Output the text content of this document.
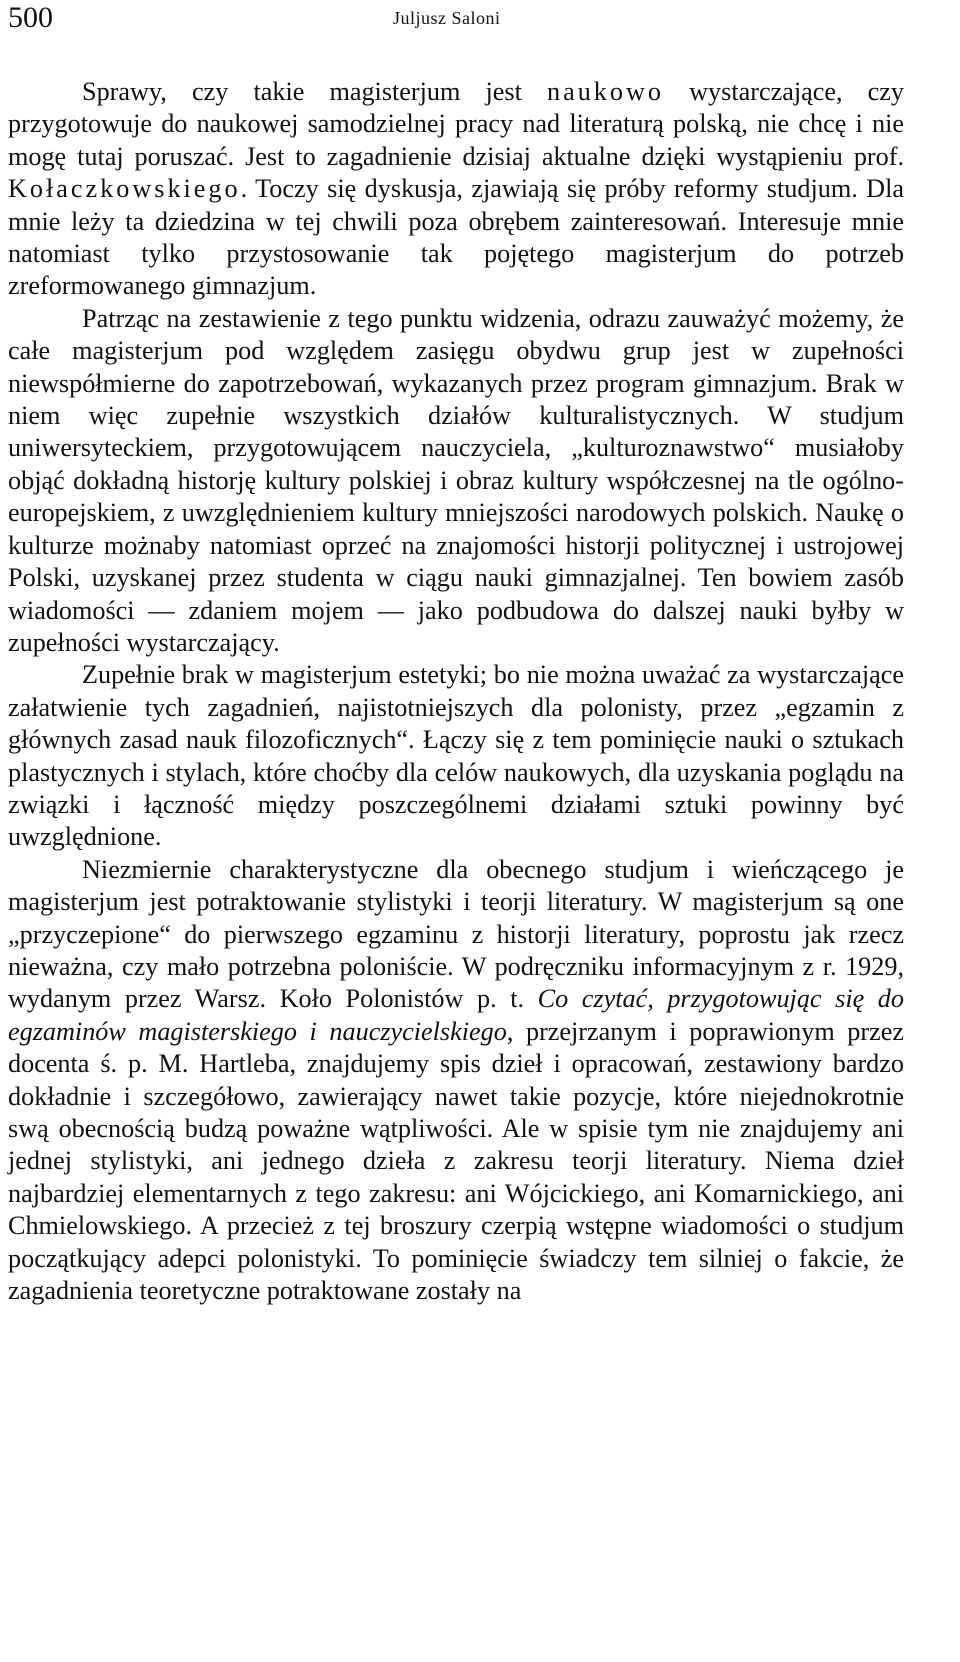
500	Juljusz Saloni

Sprawy, czy takie magisterjum jest naukowo wystarczające, czy przygotowuje do naukowej samodzielnej pracy nad literaturą polską, nie chcę i nie mogę tutaj poruszać. Jest to zagadnienie dzisiaj aktualne dzięki wystąpieniu prof. Kołaczkowskiego. Toczy się dyskusja, zjawiają się próby reformy studjum. Dla mnie leży ta dziedzina w tej chwili poza obrębem zainteresowań. Interesuje mnie natomiast tylko przystosowanie tak pojętego magisterjum do potrzeb zreformowanego gimnazjum.

Patrząc na zestawienie z tego punktu widzenia, odrazu zauważyć możemy, że całe magisterjum pod względem zasięgu obydwu grup jest w zupełności niewspółmierne do zapotrzebowań, wykazanych przez program gimnazjum. Brak w niem więc zupełnie wszystkich działów kulturalistycznych. W studjum uniwersyteckiem, przygotowującem nauczyciela, „kulturoznawstwo“ musiałoby objąć dokładną historję kultury polskiej i obraz kultury współczesnej na tle ogólno-europejskiem, z uwzględnieniem kultury mniejszości narodowych polskich. Naukę o kulturze możnaby natomiast oprzeć na znajomości historji politycznej i ustrojowej Polski, uzyskanej przez studenta w ciągu nauki gimnazjalnej. Ten bowiem zasób wiadomości — zdaniem mojem — jako podbudowa do dalszej nauki byłby w zupełności wystarczający.

Zupełnie brak w magisterjum estetyki; bo nie można uważać za wystarczające załatwienie tych zagadnień, najistotniejszych dla polonisty, przez „egzamin z głównych zasad nauk filozoficznych“. Łączy się z tem pominięcie nauki o sztukach plastycznych i stylach, które choćby dla celów naukowych, dla uzyskania poglądu na związki i łączność między poszczególnemi działami sztuki powinny być uwzględnione.

Niezmiernie charakterystyczne dla obecnego studjum i wieńczącego je magisterjum jest potraktowanie stylistyki i teorji literatury. W magisterjum są one „przyczepione“ do pierwszego egzaminu z historji literatury, poprostu jak rzecz nieważna, czy mało potrzebna poloniście. W podręczniku informacyjnym z r. 1929, wydanym przez Warsz. Koło Polonistów p. t. Co czytać, przygotowując się do egzaminów magisterskiego i nauczycielskiego, przejrzanym i poprawionym przez docenta ś. p. M. Hartleba, znajdujemy spis dzieł i opracowań, zestawiony bardzo dokładnie i szczegółowo, zawierający nawet takie pozycje, które niejednokrotnie swą obecnością budzą poważne wątpliwości. Ale w spisie tym nie znajdujemy ani jednej stylistyki, ani jednego dzieła z zakresu teorji literatury. Niema dzieł najbardziej elementarnych z tego zakresu: ani Wójcickiego, ani Komarnickiego, ani Chmielowskiego. A przecież z tej broszury czerpią wstępne wiadomości o studjum początkujący adepci polonistyki. To pominięcie świadczy tem silniej o fakcie, że zagadnienia teoretyczne potraktowane zostały na
